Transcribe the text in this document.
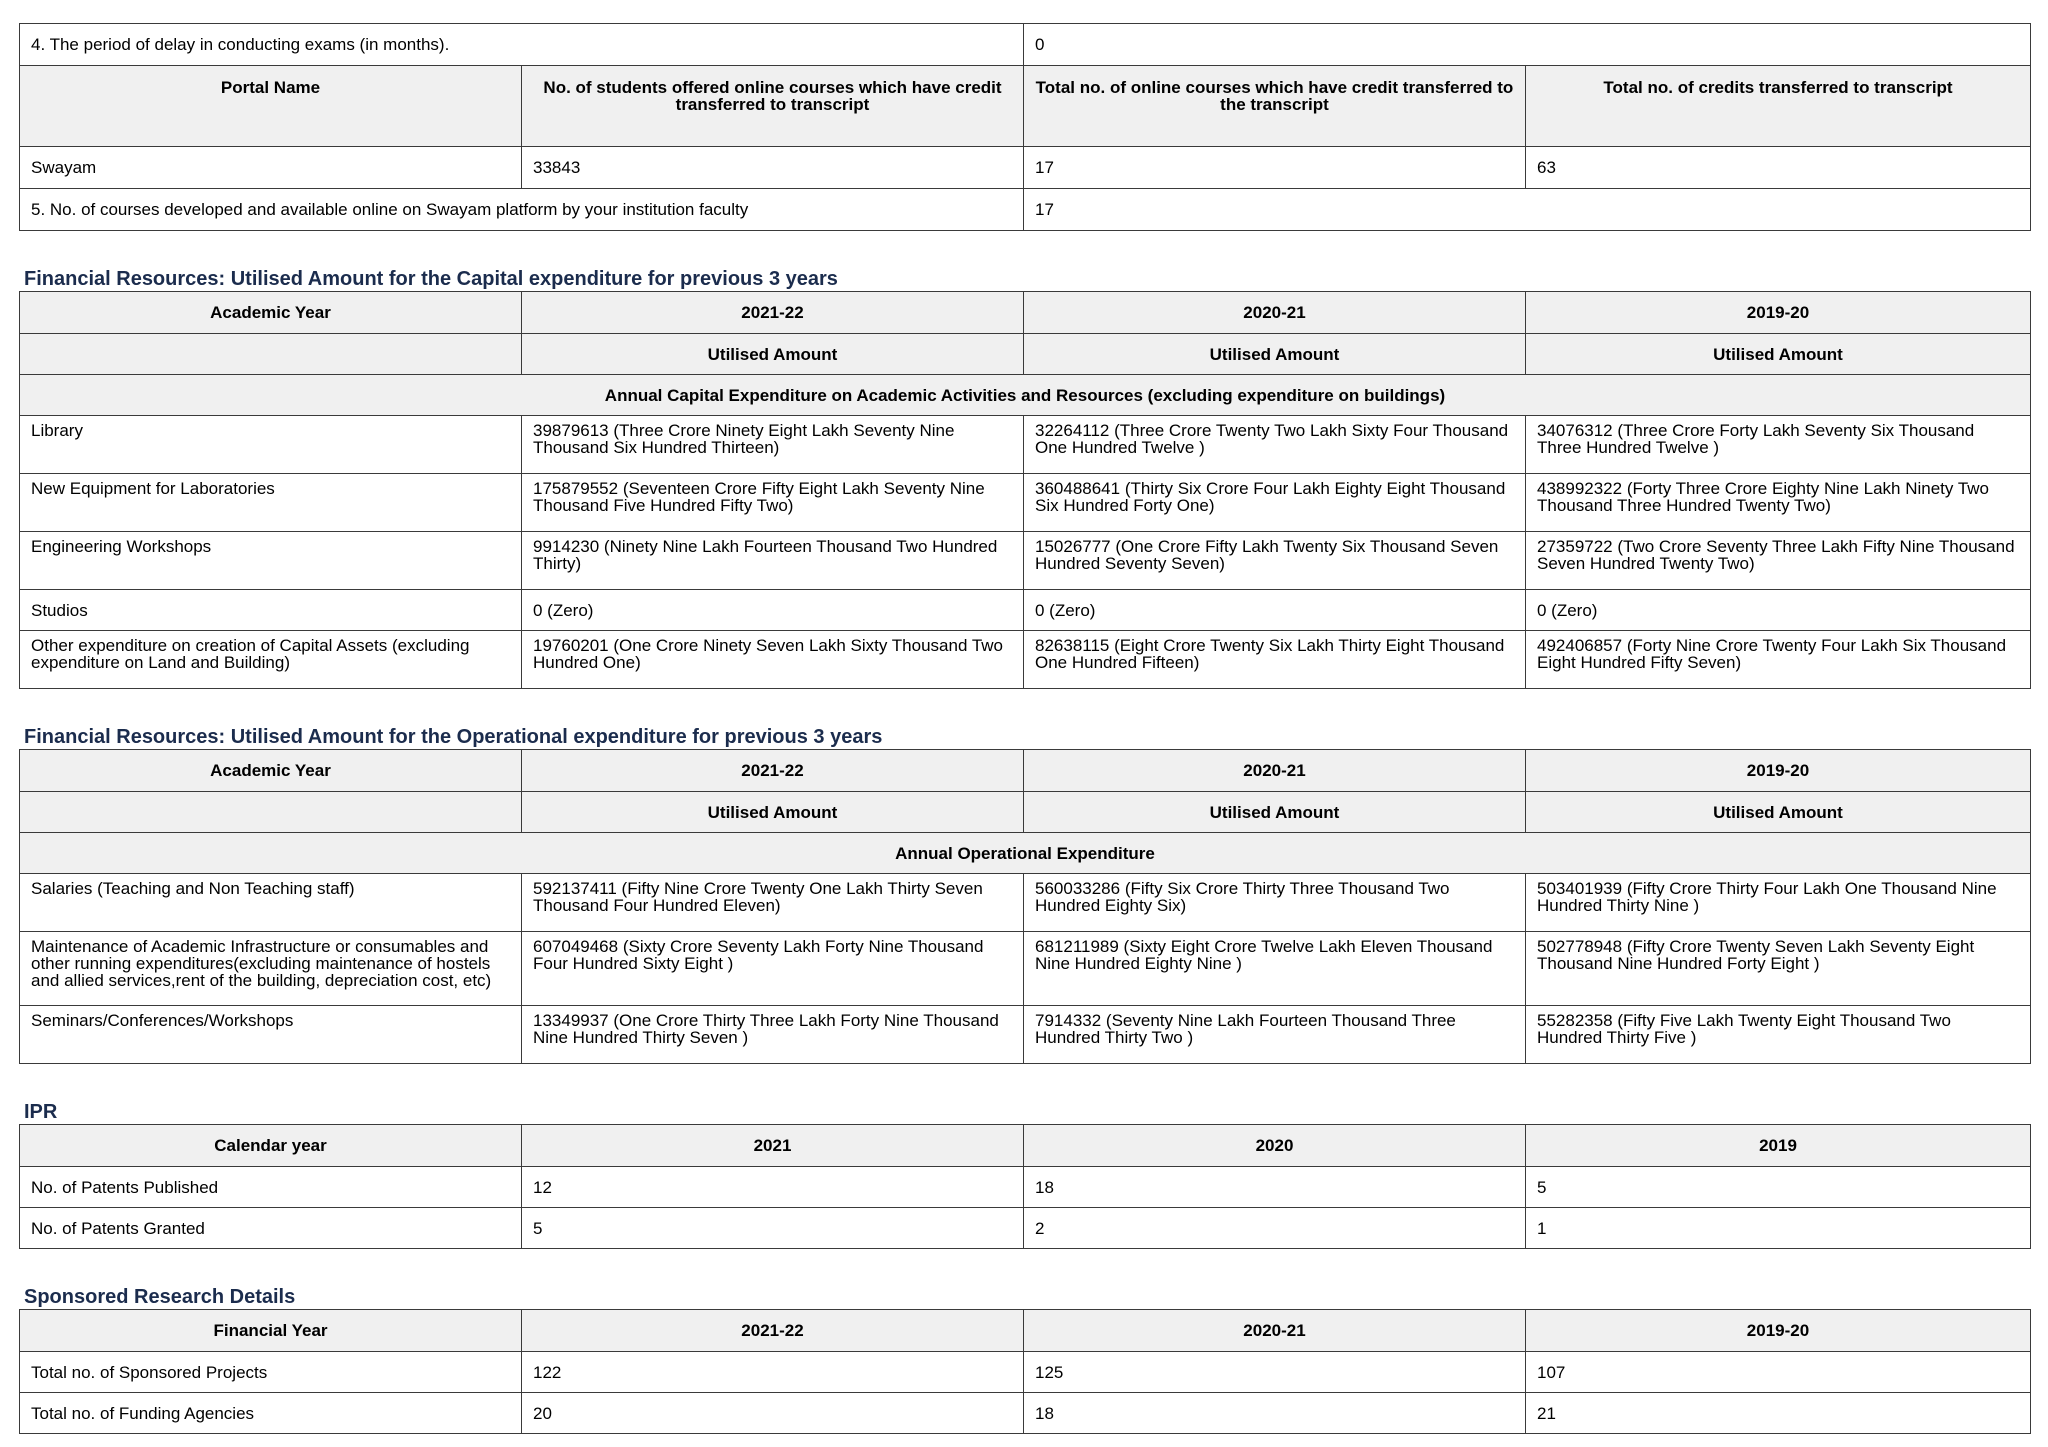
4. The period of delay in conducting exams (in months).		0	
Portal Name	No. of students offered online courses which have credit transferred to transcript	Total no. of online courses which have credit transferred to the transcript	Total no. of credits transferred to transcript
Swayam	33843	17	63
5. No. of courses developed and available online on Swayam platform by your institution faculty		17	
Financial Resources: Utilised Amount for the Capital expenditure for previous 3 years
Academic Year	2021-22	2020-21	2019-20
	Utilised Amount	Utilised Amount	Utilised Amount
Annual Capital Expenditure on Academic Activities and Resources (excluding expenditure on buildings)			
Library	39879613 (Three Crore Ninety Eight Lakh Seventy Nine Thousand Six Hundred Thirteen)	32264112 (Three Crore Twenty Two Lakh Sixty Four Thousand One Hundred Twelve )	34076312 (Three Crore Forty Lakh Seventy Six Thousand Three Hundred Twelve )
New Equipment for Laboratories	175879552 (Seventeen Crore Fifty Eight Lakh Seventy Nine Thousand Five Hundred Fifty Two)	360488641 (Thirty Six Crore Four Lakh Eighty Eight Thousand Six Hundred Forty One)	438992322 (Forty Three Crore Eighty Nine Lakh Ninety Two Thousand Three Hundred Twenty Two)
Engineering Workshops	9914230 (Ninety Nine Lakh Fourteen Thousand Two Hundred Thirty)	15026777 (One Crore Fifty Lakh Twenty Six Thousand Seven Hundred Seventy Seven)	27359722 (Two Crore Seventy Three Lakh Fifty Nine Thousand Seven Hundred Twenty Two)
Studios	0 (Zero)	0 (Zero)	0 (Zero)
Other expenditure on creation of Capital Assets (excluding expenditure on Land and Building)	19760201 (One Crore Ninety Seven Lakh Sixty Thousand Two Hundred One)	82638115 (Eight Crore Twenty Six Lakh Thirty Eight Thousand One Hundred Fifteen)	492406857 (Forty Nine Crore Twenty Four Lakh Six Thousand Eight Hundred Fifty Seven)
Financial Resources: Utilised Amount for the Operational expenditure for previous 3 years
Academic Year	2021-22	2020-21	2019-20
	Utilised Amount	Utilised Amount	Utilised Amount
Annual Operational Expenditure			
Salaries (Teaching and Non Teaching staff)	592137411 (Fifty Nine Crore Twenty One Lakh Thirty Seven Thousand Four Hundred Eleven)	560033286 (Fifty Six Crore Thirty Three Thousand Two Hundred Eighty Six)	503401939 (Fifty Crore Thirty Four Lakh One Thousand Nine Hundred Thirty Nine )
Maintenance of Academic Infrastructure or consumables and other running expenditures(excluding maintenance of hostels and allied services,rent of the building, depreciation cost, etc)	607049468 (Sixty Crore Seventy Lakh Forty Nine Thousand Four Hundred Sixty Eight )	681211989 (Sixty Eight Crore Twelve Lakh Eleven Thousand Nine Hundred Eighty Nine )	502778948 (Fifty Crore Twenty Seven Lakh Seventy Eight Thousand Nine Hundred Forty Eight )
Seminars/Conferences/Workshops	13349937 (One Crore Thirty Three Lakh Forty Nine Thousand Nine Hundred Thirty Seven )	7914332 (Seventy Nine Lakh Fourteen Thousand Three Hundred Thirty Two )	55282358 (Fifty Five Lakh Twenty Eight Thousand Two Hundred Thirty Five )
IPR
Calendar year	2021	2020	2019
No. of Patents Published	12	18	5
No. of Patents Granted	5	2	1
Sponsored Research Details
Financial Year	2021-22	2020-21	2019-20
Total no. of Sponsored Projects	122	125	107
Total no. of Funding Agencies	20	18	21
